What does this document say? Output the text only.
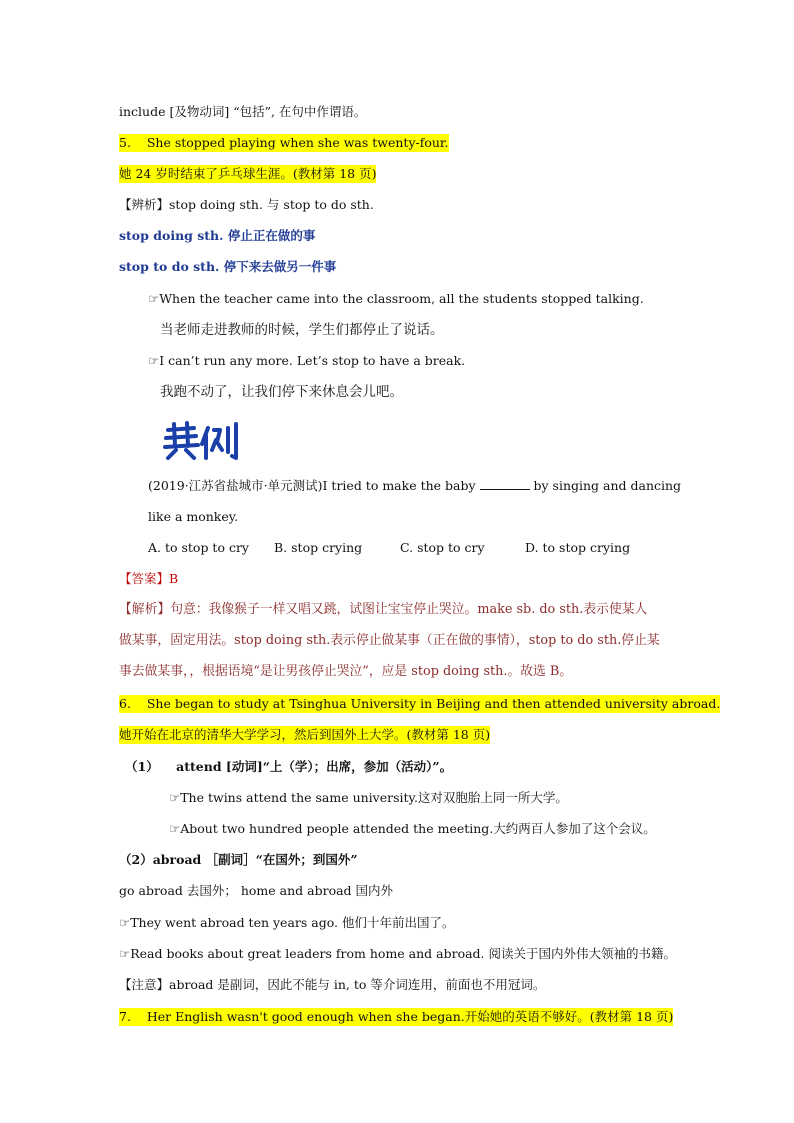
include [及物动词] “包括”, 在句中作谓语。
5. She stopped playing when she was twenty-four.
她 24 岁时结束了乒乓球生涯。(教材第 18 页)
【辨析】stop doing sth. 与 stop to do sth.
stop doing sth. 停止正在做的事
stop to do sth. 停下来去做另一件事
☞When the teacher came into the classroom, all the students stopped talking.
当老师走进教师的时候，学生们都停止了说话。
☞I can’t run any more. Let’s stop to have a break.
我跑不动了，让我们停下来休息会儿吧。
(2019·江苏省盐城市·单元测试)I tried to make the baby	by singing and dancing
like a monkey.
A. to stop to cry B. stop crying	C. stop to cry	D. to stop crying
【答案】B
【解析】句意：我像猴子一样又唱又跳，试图让宝宝停止哭泣。make sb. do sth.表示使某人
做某事，固定用法。stop doing sth.表示停止做某事（正在做的事情），stop to do sth.停止某
事去做某事，，根据语境“是让男孩停止哭泣”，应是 stop doing sth.。故选 B。
6. She began to study at Tsinghua University in Beijing and then attended university abroad.
她开始在北京的清华大学学习，然后到国外上大学。(教材第 18 页)
（1） attend [动词]“上（学）；出席，参加（活动）”。
☞The twins attend the same university.这对双胞胎上同一所大学。
☞About two hundred people attended the meeting.大约两百人参加了这个会议。
（2）abroad ［副词］“在国外；到国外”
go abroad 去国外； home and abroad 国内外
☞They went abroad ten years ago. 他们十年前出国了。
☞Read books about great leaders from home and abroad. 阅读关于国内外伟大领袖的书籍。
【注意】abroad 是副词，因此不能与 in, to 等介词连用，前面也不用冠词。
7. Her English wasn't good enough when she began.开始她的英语不够好。(教材第 18 页)
